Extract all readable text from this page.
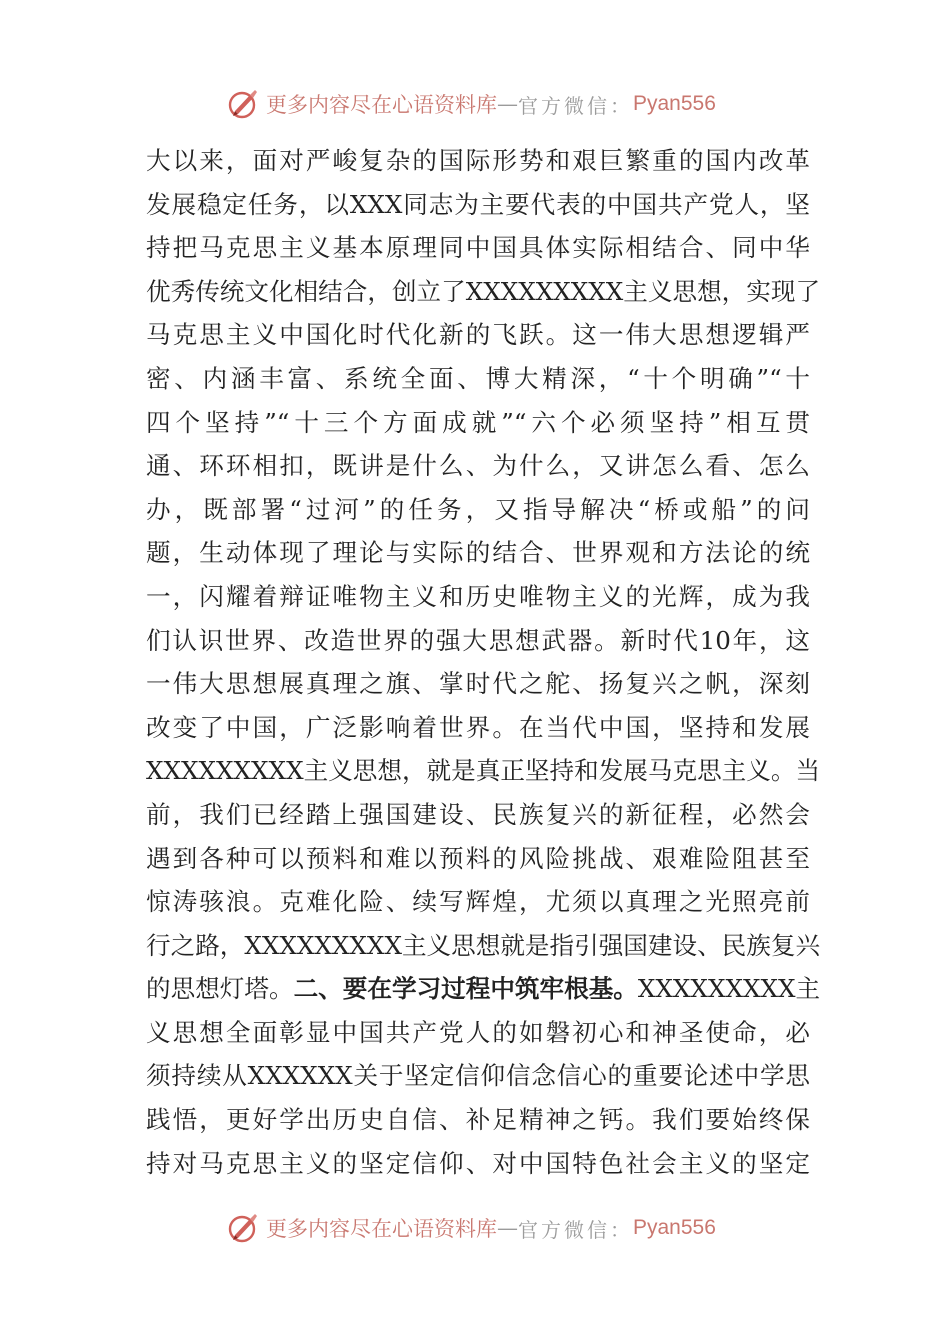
更多内容尽在心语资料库 — 官方微信： Pyan556
大以来，面对严峻复杂的国际形势和艰巨繁重的国内改革
发展稳定任务，以XXX同志为主要代表的中国共产党人，坚
持把马克思主义基本原理同中国具体实际相结合、同中华
优秀传统文化相结合，创立了XXXXXXXXX主义思想，实现了
马克思主义中国化时代化新的飞跃。这一伟大思想逻辑严
密、内涵丰富、系统全面、博大精深，“十个明确”“十
四个坚持”“十三个方面成就”“六个必须坚持”相互贯
通、环环相扣，既讲是什么、为什么，又讲怎么看、怎么
办，既部署“过河”的任务，又指导解决“桥或船”的问
题，生动体现了理论与实际的结合、世界观和方法论的统
一，闪耀着辩证唯物主义和历史唯物主义的光辉，成为我
们认识世界、改造世界的强大思想武器。新时代10年，这
一伟大思想展真理之旗、掌时代之舵、扬复兴之帆，深刻
改变了中国，广泛影响着世界。在当代中国，坚持和发展
XXXXXXXXX主义思想，就是真正坚持和发展马克思主义。当
前，我们已经踏上强国建设、民族复兴的新征程，必然会
遇到各种可以预料和难以预料的风险挑战、艰难险阻甚至
惊涛骇浪。克难化险、续写辉煌，尤须以真理之光照亮前
行之路，XXXXXXXXX主义思想就是指引强国建设、民族复兴
的思想灯塔。二、要在学习过程中筑牢根基。XXXXXXXXX主
义思想全面彰显中国共产党人的如磐初心和神圣使命，必
须持续从XXXXXX关于坚定信仰信念信心的重要论述中学思
践悟，更好学出历史自信、补足精神之钙。我们要始终保
持对马克思主义的坚定信仰、对中国特色社会主义的坚定
更多内容尽在心语资料库 — 官方微信： Pyan556
